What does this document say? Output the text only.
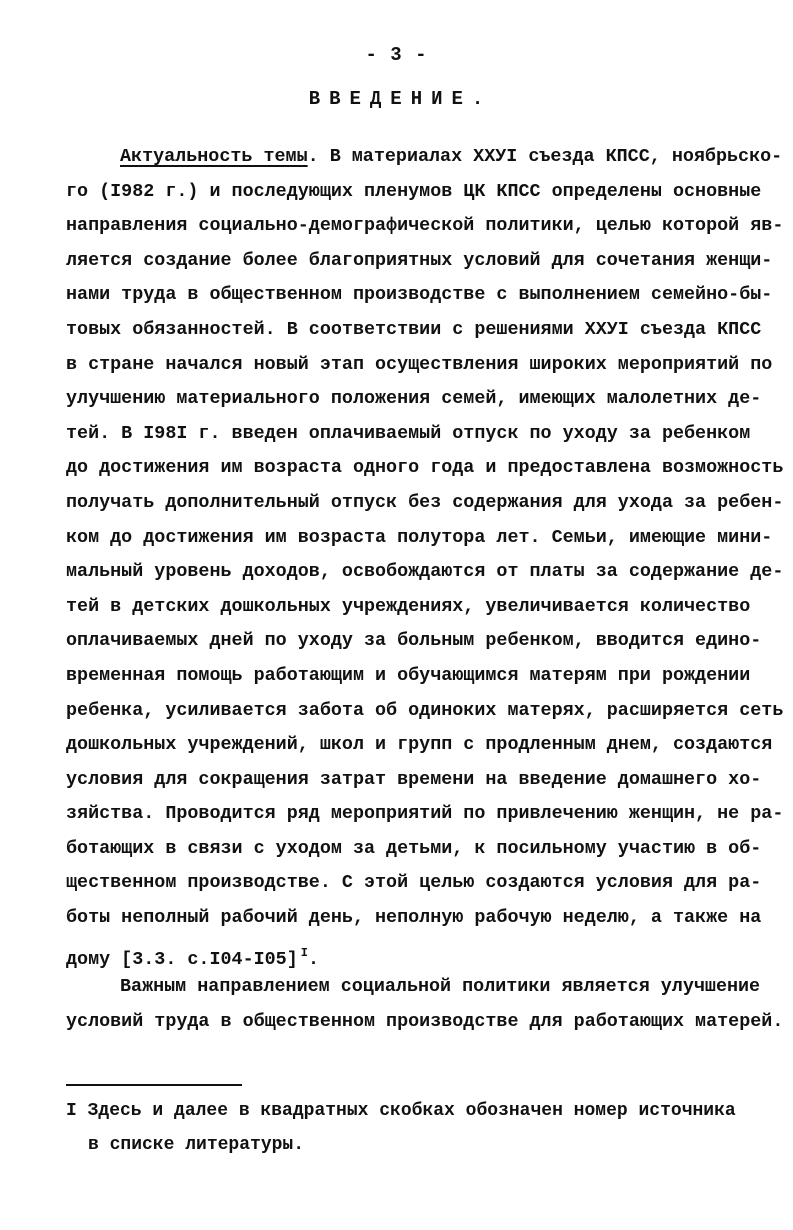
- 3 -
ВВЕДЕНИЕ.
Актуальность темы. В материалах ХХУI съезда КПСС, ноябрьско-
го (I982 г.) и последующих пленумов ЦК КПСС определены основные
направления социально-демографической политики, целью которой яв-
ляется создание более благоприятных условий для сочетания женщи-
нами труда в общественном производстве с выполнением семейно-бы-
товых обязанностей. В соответствии с решениями ХХУI съезда КПСС
в стране начался новый этап осуществления широких мероприятий по
улучшению материального положения семей, имеющих малолетних де-
тей. В I98I г. введен оплачиваемый отпуск по уходу за ребенком
до достижения им возраста одного года и предоставлена возможность
получать дополнительный отпуск без содержания для ухода за ребен-
ком до достижения им возраста полутора лет. Семьи, имеющие мини-
мальный уровень доходов, освобождаются от платы за содержание де-
тей в детских дошкольных учреждениях, увеличивается количество
оплачиваемых дней по уходу за больным ребенком, вводится едино-
временная помощь работающим и обучающимся матерям при рождении
ребенка, усиливается забота об одиноких матерях, расширяется сеть
дошкольных учреждений, школ и групп с продленным днем, создаются
условия для сокращения затрат времени на введение домашнего хо-
зяйства. Проводится ряд мероприятий по привлечению женщин, не ра-
ботающих в связи с уходом за детьми, к посильному участию в об-
щественном производстве. С этой целью создаются условия для ра-
боты неполный рабочий день, неполную рабочую неделю, а также на
дому [3.3. с.I04-I05] $^I$.
Важным направлением социальной политики является улучшение
условий труда в общественном производстве для работающих матерей.
I Здесь и далее в квадратных скобках обозначен номер источника
в списке литературы.
